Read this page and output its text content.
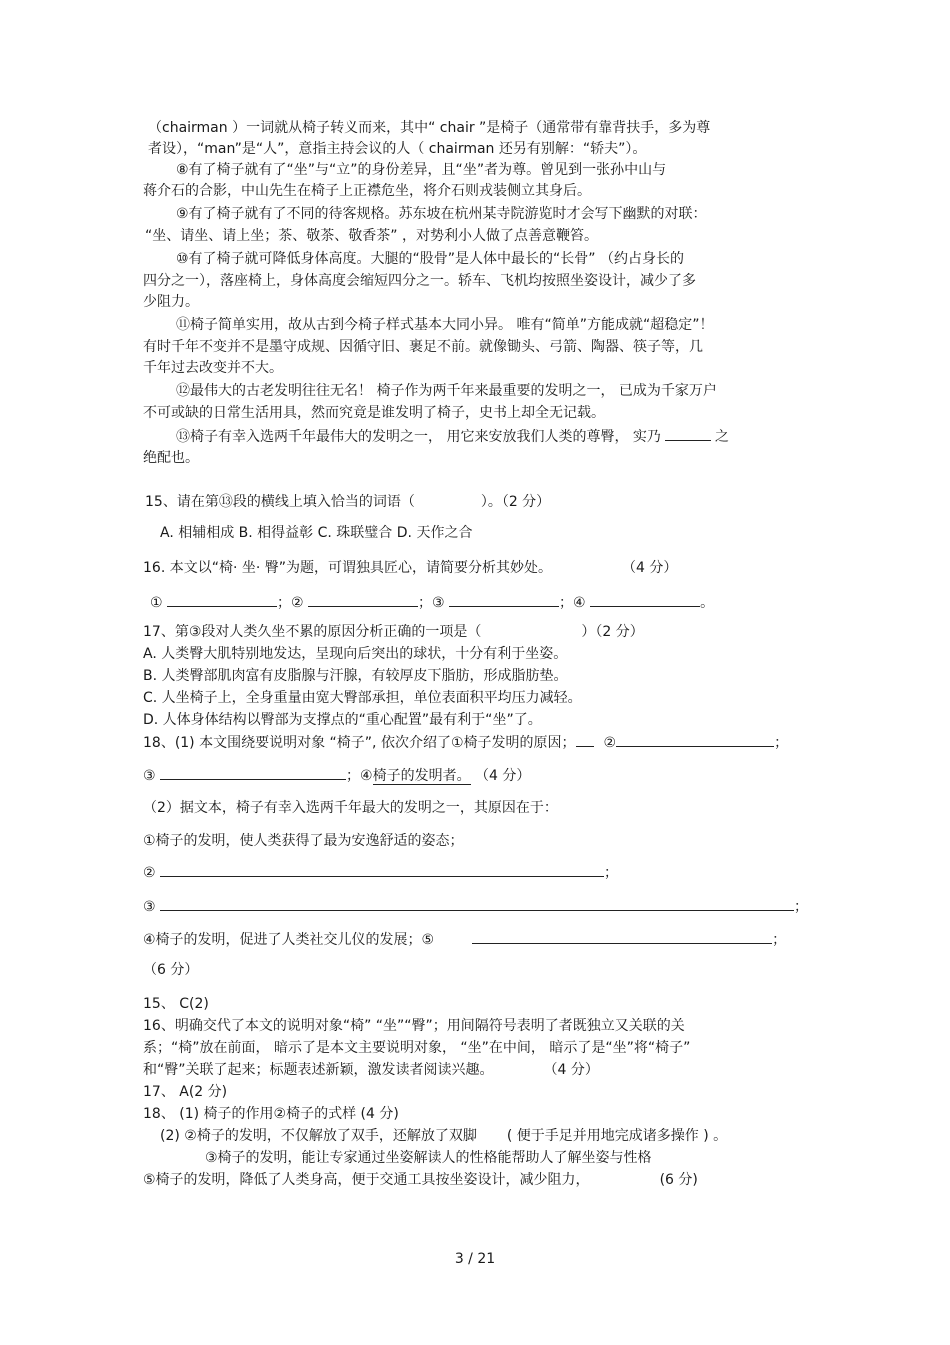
（chairman ）一词就从椅子转义而来，其中“ chair ”是椅子（通常带有靠背扶手，多为尊
者设），“man”是“人”，意指主持会议的人（ chairman 还另有别解：“轿夫”）。
⑧有了椅子就有了“坐”与“立”的身份差异，且“坐”者为尊。曾见到一张孙中山与
蒋介石的合影，中山先生在椅子上正襟危坐，将介石则戎装侧立其身后。
⑨有了椅子就有了不同的待客规格。苏东坡在杭州某寺院游览时才会写下幽默的对联：
“坐、请坐、请上坐；茶、敬茶、敬香茶” ，对势利小人做了点善意鞭笞。
⑩有了椅子就可降低身体高度。大腿的“股骨”是人体中最长的“长骨” （约占身长的
四分之一），落座椅上，身体高度会缩短四分之一。轿车、飞机均按照坐姿设计，减少了多
少阻力。
⑪椅子简单实用，故从古到今椅子样式基本大同小异。 唯有“简单”方能成就“超稳定”！
有时千年不变并不是墨守成规、因循守旧、裹足不前。就像锄头、弓箭、陶器、筷子等，几
千年过去改变并不大。
⑫最伟大的古老发明往往无名！ 椅子作为两千年来最重要的发明之一， 已成为千家万户
不可或缺的日常生活用具，然而究竟是谁发明了椅子，史书上却全无记载。
⑬椅子有幸入选两千年最伟大的发明之一， 用它来安放我们人类的尊臀， 实乃	之
绝配也。
15、请在第⑬段的横线上填入恰当的词语（	）。（2 分）
A. 相辅相成 B. 相得益彰 C. 珠联璧合 D. 天作之合
16. 本文以“椅· 坐· 臀”为题，可谓独具匠心，请简要分析其妙处。	（4 分）
①	；②	；③	；④	。
17、第③段对人类久坐不累的原因分析正确的一项是（	）（2 分）
A. 人类臀大肌特别地发达，呈现向后突出的球状，十分有利于坐姿。
B. 人类臀部肌肉富有皮脂腺与汗腺，有较厚皮下脂肪，形成脂肪垫。
C. 人坐椅子上，全身重量由宽大臀部承担，单位表面积平均压力减轻。
D. 人体身体结构以臀部为支撑点的“重心配置”最有利于“坐”了。
18、(1) 本文围绕要说明对象 “椅子”, 依次介绍了①椅子发明的原因； ②	；
③	；④椅子的发明者。 （4 分）
（2）据文本，椅子有幸入选两千年最大的发明之一，其原因在于：
①椅子的发明，使人类获得了最为安逸舒适的姿态；
②	；
③	；
④椅子的发明，促进了人类社交儿仪的发展；⑤	；
（6 分）
15、 C(2)
16、明确交代了本文的说明对象“椅” “坐”“臀”；用间隔符号表明了者既独立又关联的关
系；“椅”放在前面， 暗示了是本文主要说明对象， “坐”在中间， 暗示了是“坐”将“椅子”
和“臀”关联了起来；标题表述新颖，激发读者阅读兴趣。	（4 分）
17、 A(2 分)
18、 (1) 椅子的作用②椅子的式样 (4 分)
(2) ②椅子的发明，不仅解放了双手，还解放了双脚 ( 便于手足并用地完成诸多操作 ) 。
③椅子的发明，能让专家通过坐姿解读人的性格能帮助人了解坐姿与性格
⑤椅子的发明，降低了人类身高，便于交通工具按坐姿设计，减少阻力，	(6 分)
3 / 21
